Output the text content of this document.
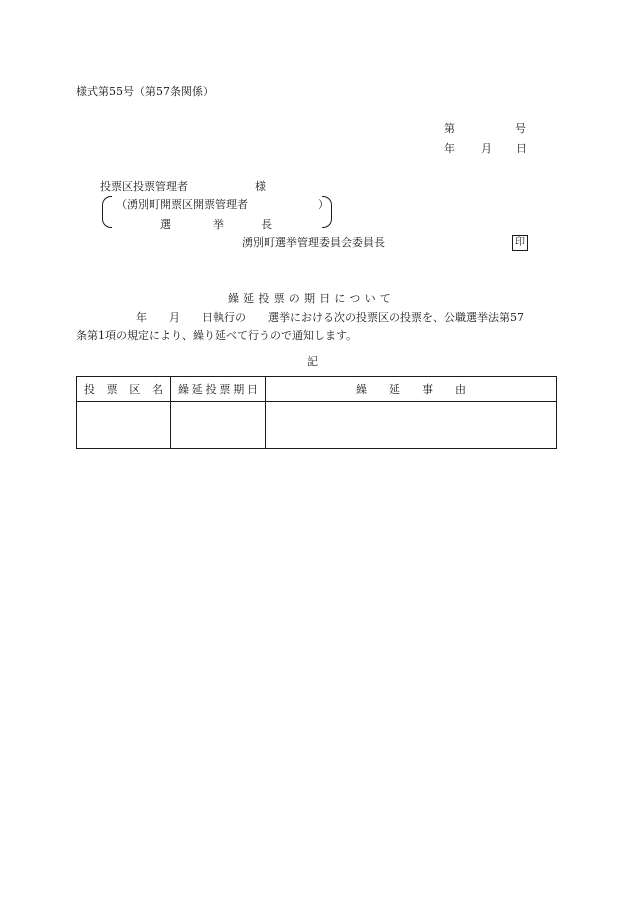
様式第55号（第57条関係）
第	号
年 月 日
投票区投票管理者	様
（湧別町開票区開票管理者	）
選	挙	長
湧別町選挙管理委員会委員長	印
繰延投票の期日について
年　　月　　日執行の　　選挙における次の投票区の投票を、公職選挙法第57
条第1項の規定により、繰り延べて行うので通知します。
記
投票区名	繰延投票期日	繰　　延　　事　　由
